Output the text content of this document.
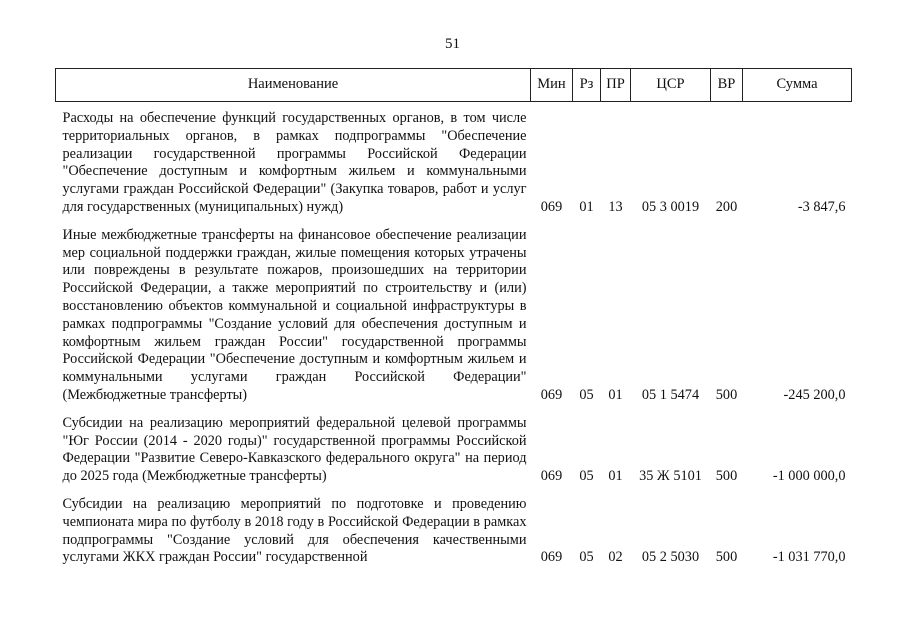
51
Наименование	Мин	Рз	ПР	ЦСР	ВР	Сумма
Расходы на обеспечение функций государственных органов, в том числе территориальных органов, в рамках подпрограммы "Обеспечение реализации государственной программы Российской Федерации "Обеспечение доступным и комфортным жильем и коммунальными услугами граждан Российской Федерации" (Закупка товаров, работ и услуг для государственных (муниципальных) нужд)	069	01	13	05 3 0019	200	-3 847,6
Иные межбюджетные трансферты на финансовое обеспечение реализации мер социальной поддержки граждан, жилые помещения которых утрачены или повреждены в результате пожаров, произошедших на территории Российской Федерации, а также мероприятий по строительству и (или) восстановлению объектов коммунальной и социальной инфраструктуры в рамках подпрограммы "Создание условий для обеспечения доступным и комфортным жильем граждан России" государственной программы Российской Федерации "Обеспечение доступным и комфортным жильем и коммунальными услугами граждан Российской Федерации" (Межбюджетные трансферты)	069	05	01	05 1 5474	500	-245 200,0
Субсидии на реализацию мероприятий федеральной целевой программы "Юг России (2014 - 2020 годы)" государственной программы Российской Федерации "Развитие Северо-Кавказского федерального округа" на период до 2025 года (Межбюджетные трансферты)	069	05	01	35 Ж 5101	500	-1 000 000,0
Субсидии на реализацию мероприятий по подготовке и проведению чемпионата мира по футболу в 2018 году в Российской Федерации в рамках подпрограммы "Создание условий для обеспечения качественными услугами ЖКХ граждан России" государственной	069	05	02	05 2 5030	500	-1 031 770,0
